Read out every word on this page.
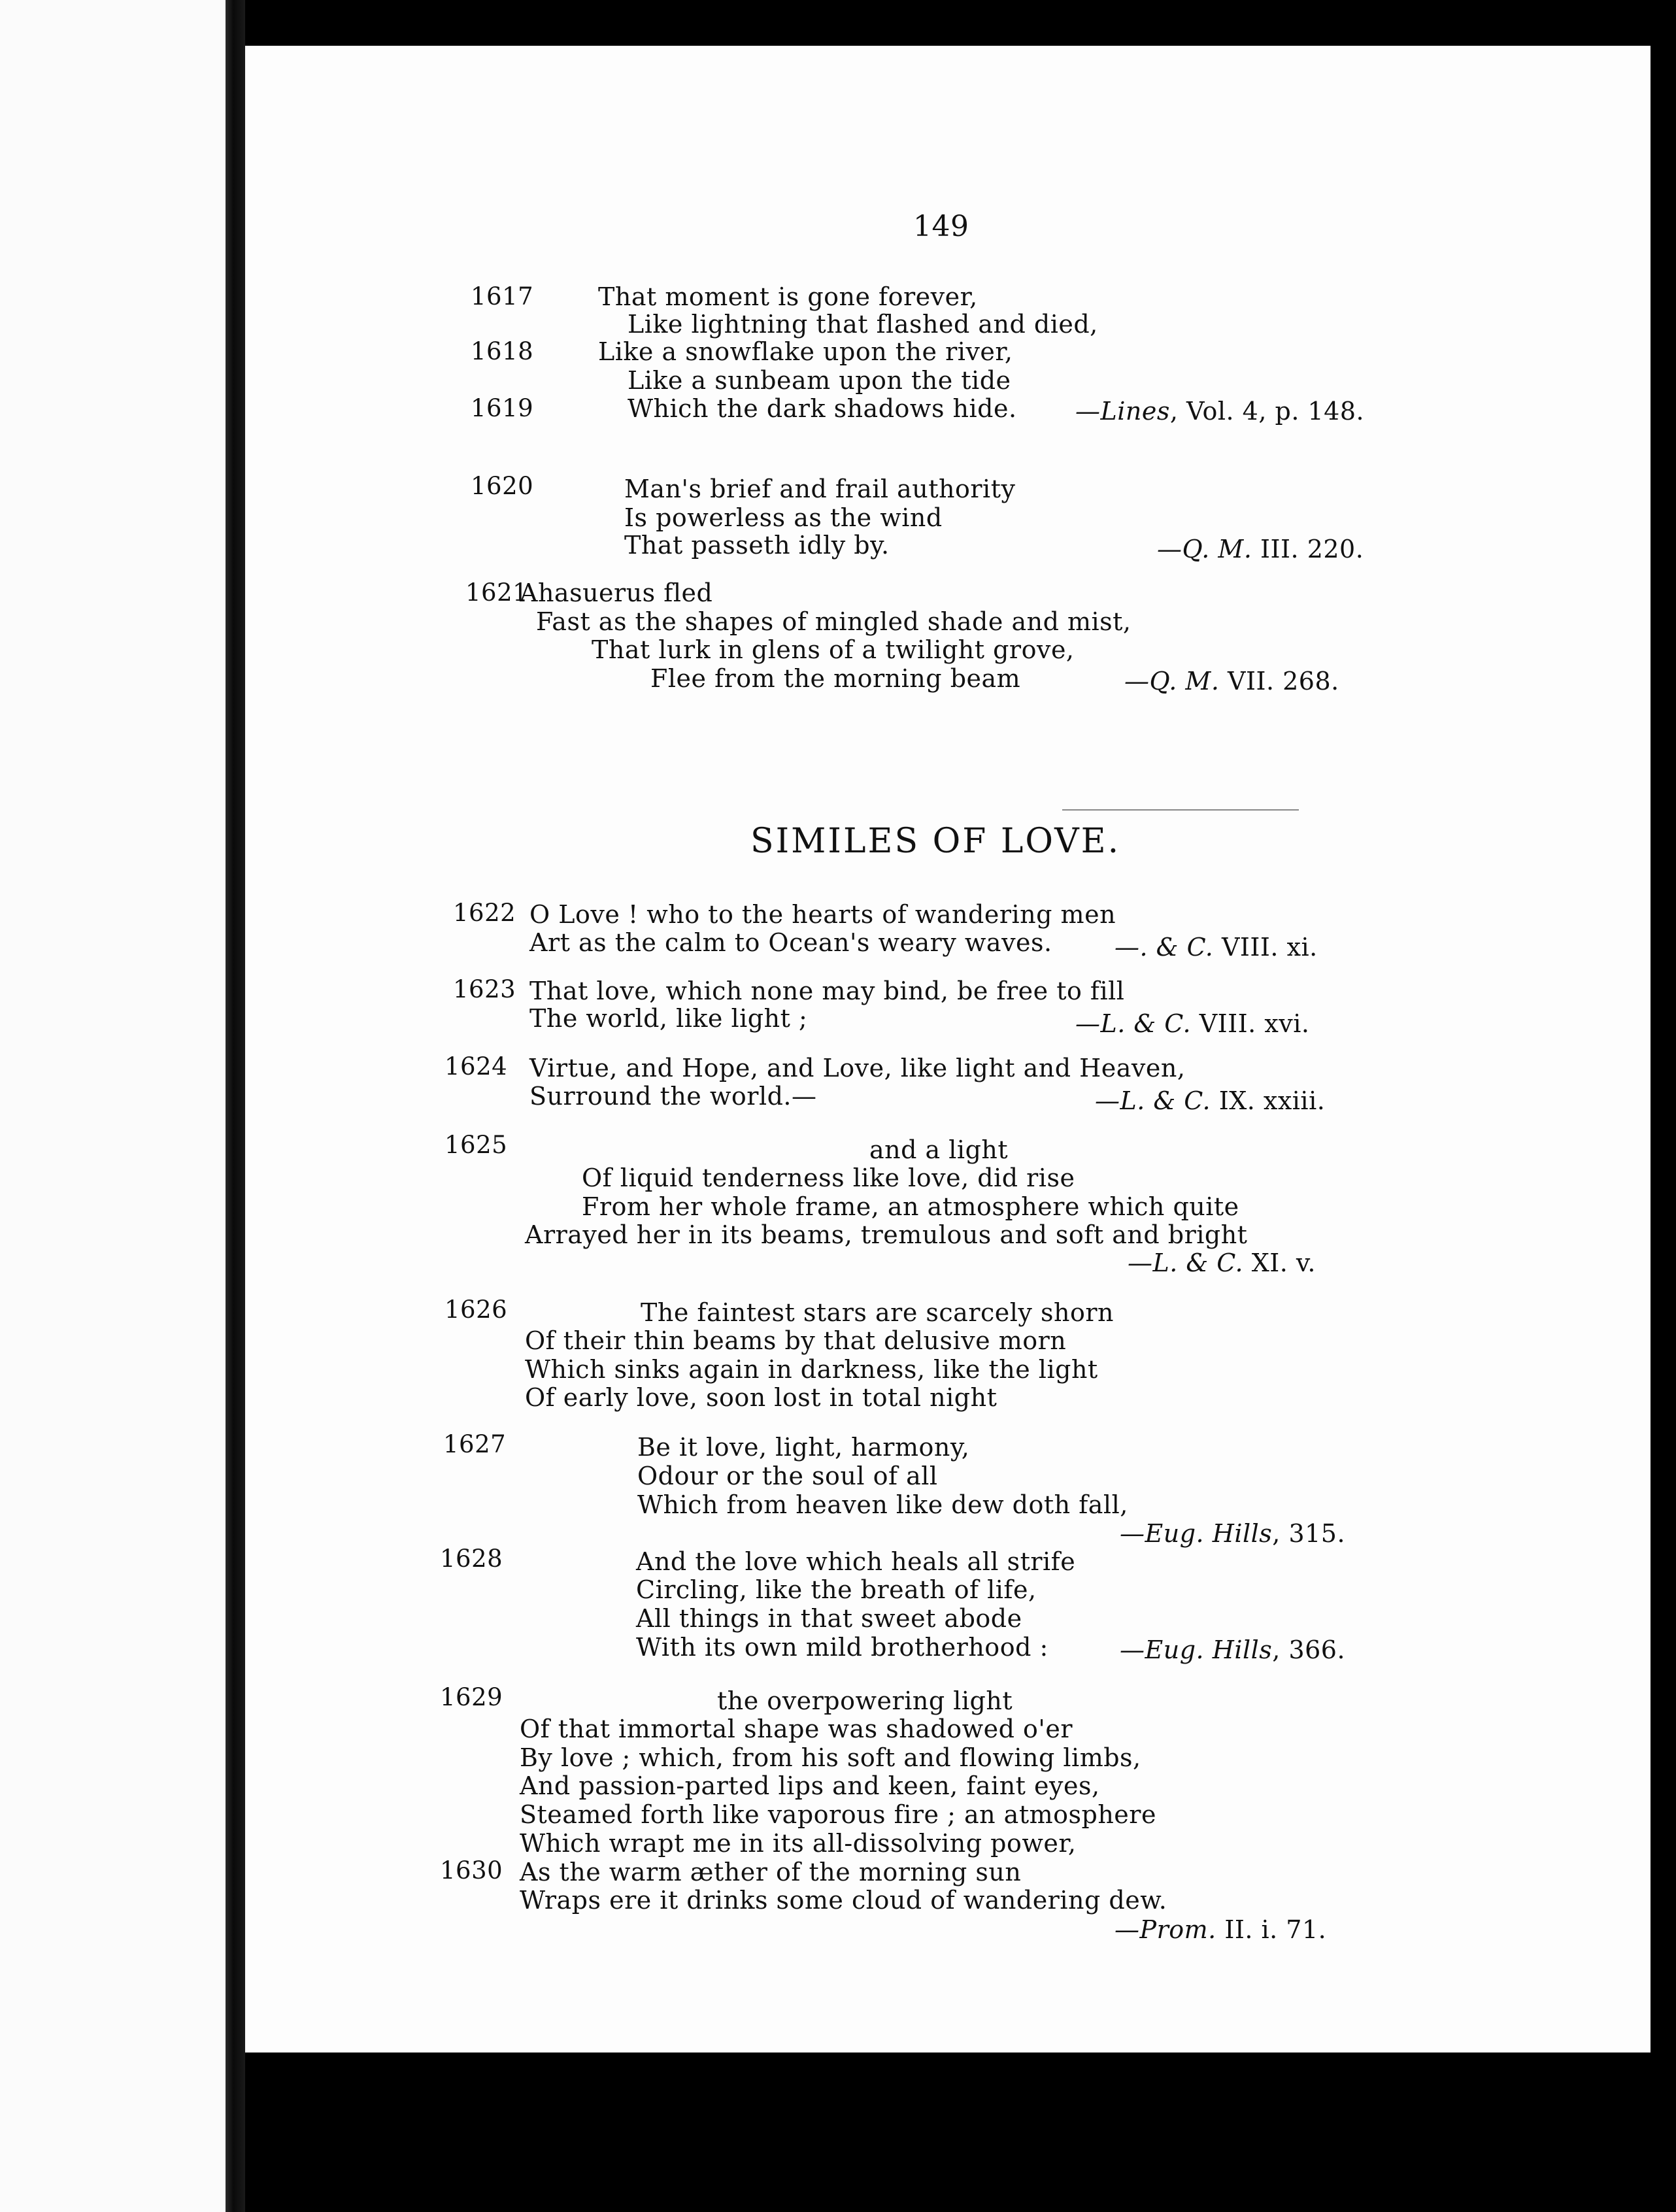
149
1617	That moment is gone forever,
Like lightning that flashed and died,
1618	Like a snowflake upon the river,
Like a sunbeam upon the tide
1619	Which the dark shadows hide. —Lines, Vol. 4, p. 148.
1620	Man's brief and frail authority
Is powerless as the wind
That passeth idly by.	—Q. M. III. 220.
1621
Ahasuerus fled
Fast as the shapes of mingled shade and mist,
That lurk in glens of a twilight grove,
Flee from the morning beam	—Q. M. VII. 268.
SIMILES OF LOVE.
1622 O Love ! who to the hearts of wandering men
Art as the calm to Ocean's weary waves.	—. & C. VIII. xi.
1623 That love, which none may bind, be free to fill
The world, like light ;	—L. & C. VIII. xvi.
1624 Virtue, and Hope, and Love, like light and Heaven,
Surround the world.—	—L. & C. IX. xxiii.
1625	and a light
Of liquid tenderness like love, did rise
From her whole frame, an atmosphere which quite
Arrayed her in its beams, tremulous and soft and bright
—L. & C. XI. v.
1626	The faintest stars are scarcely shorn
Of their thin beams by that delusive morn
Which sinks again in darkness, like the light
Of early love, soon lost in total night
1627	Be it love, light, harmony,
Odour or the soul of all
Which from heaven like dew doth fall,
—Eug. Hills, 315.
1628	And the love which heals all strife
Circling, like the breath of life,
All things in that sweet abode
With its own mild brotherhood :	—Eug. Hills, 366.
1629	the overpowering light
Of that immortal shape was shadowed o'er
By love ; which, from his soft and flowing limbs,
And passion-parted lips and keen, faint eyes,
Steamed forth like vaporous fire ; an atmosphere
Which wrapt me in its all-dissolving power,
1630 As the warm æther of the morning sun
Wraps ere it drinks some cloud of wandering dew.
—Prom. II. i. 71.
